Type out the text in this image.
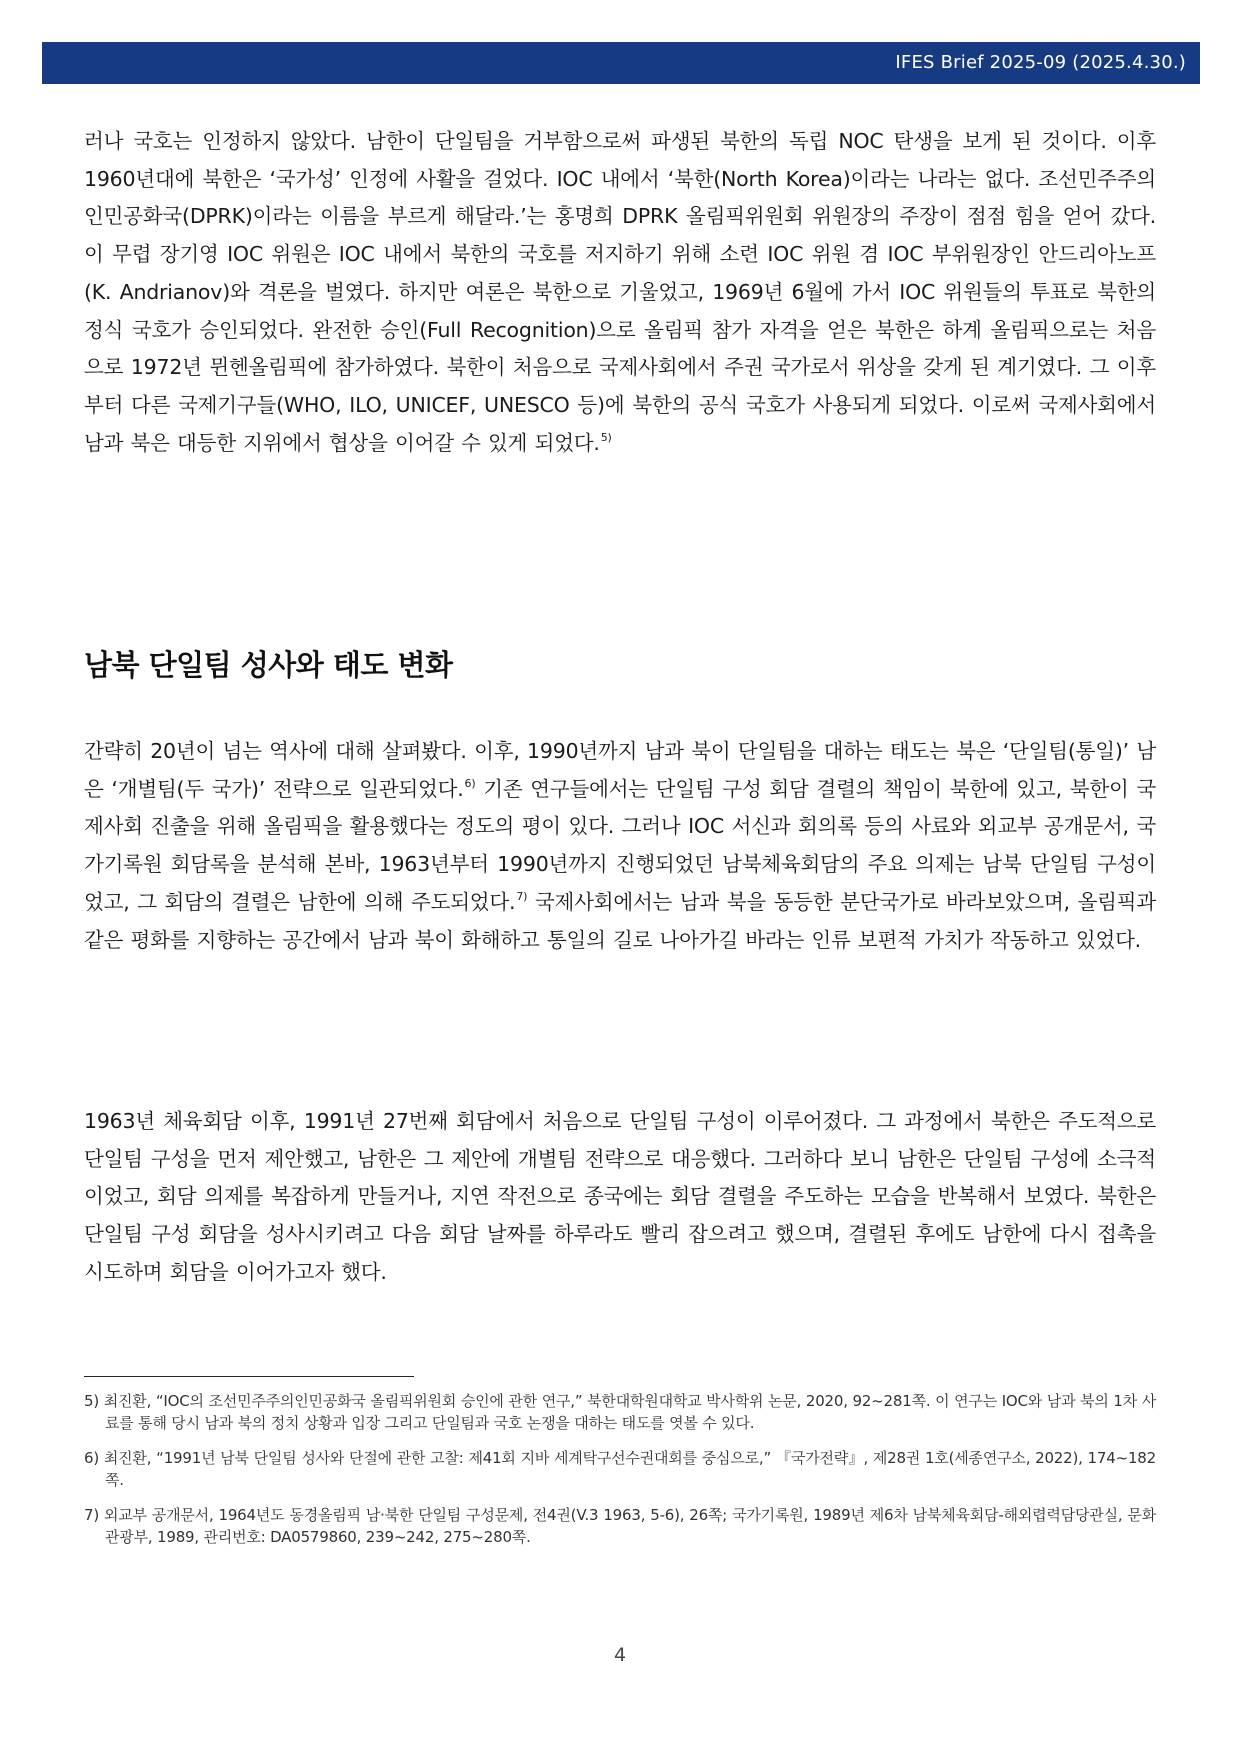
IFES Brief 2025-09 (2025.4.30.)

러나 국호는 인정하지 않았다. 남한이 단일팀을 거부함으로써 파생된 북한의 독립 NOC 탄생을 보게 된 것이다. 이후 1960년대에 북한은 ‘국가성’ 인정에 사활을 걸었다. IOC 내에서 ‘북한(North Korea)이라는 나라는 없다. 조선민주주의인민공화국(DPRK)이라는 이름을 부르게 해달라.’는 홍명희 DPRK 올림픽위원회 위원장의 주장이 점점 힘을 얻어 갔다. 이 무렵 장기영 IOC 위원은 IOC 내에서 북한의 국호를 저지하기 위해 소련 IOC 위원 겸 IOC 부위원장인 안드리아노프(K. Andrianov)와 격론을 벌였다. 하지만 여론은 북한으로 기울었고, 1969년 6월에 가서 IOC 위원들의 투표로 북한의 정식 국호가 승인되었다. 완전한 승인(Full Recognition)으로 올림픽 참가 자격을 얻은 북한은 하계 올림픽으로는 처음으로 1972년 뮌헨올림픽에 참가하였다. 북한이 처음으로 국제사회에서 주권 국가로서 위상을 갖게 된 계기였다. 그 이후부터 다른 국제기구들(WHO, ILO, UNICEF, UNESCO 등)에 북한의 공식 국호가 사용되게 되었다. 이로써 국제사회에서 남과 북은 대등한 지위에서 협상을 이어갈 수 있게 되었다.$^{5)}$

남북 단일팀 성사와 태도 변화

간략히 20년이 넘는 역사에 대해 살펴봤다. 이후, 1990년까지 남과 북이 단일팀을 대하는 태도는 북은 ‘단일팀(통일)’ 남은 ‘개별팀(두 국가)’ 전략으로 일관되었다.$^{6)}$ 기존 연구들에서는 단일팀 구성 회담 결렬의 책임이 북한에 있고, 북한이 국제사회 진출을 위해 올림픽을 활용했다는 정도의 평이 있다. 그러나 IOC 서신과 회의록 등의 사료와 외교부 공개문서, 국가기록원 회담록을 분석해 본바, 1963년부터 1990년까지 진행되었던 남북체육회담의 주요 의제는 남북 단일팀 구성이었고, 그 회담의 결렬은 남한에 의해 주도되었다.$^{7)}$ 국제사회에서는 남과 북을 동등한 분단국가로 바라보았으며, 올림픽과 같은 평화를 지향하는 공간에서 남과 북이 화해하고 통일의 길로 나아가길 바라는 인류 보편적 가치가 작동하고 있었다.

1963년 체육회담 이후, 1991년 27번째 회담에서 처음으로 단일팀 구성이 이루어졌다. 그 과정에서 북한은 주도적으로 단일팀 구성을 먼저 제안했고, 남한은 그 제안에 개별팀 전략으로 대응했다. 그러하다 보니 남한은 단일팀 구성에 소극적이었고, 회담 의제를 복잡하게 만들거나, 지연 작전으로 종국에는 회담 결렬을 주도하는 모습을 반복해서 보였다. 북한은 단일팀 구성 회담을 성사시키려고 다음 회담 날짜를 하루라도 빨리 잡으려고 했으며, 결렬된 후에도 남한에 다시 접촉을 시도하며 회담을 이어가고자 했다.

5) 최진환, “IOC의 조선민주주의인민공화국 올림픽위원회 승인에 관한 연구,” 북한대학원대학교 박사학위 논문, 2020, 92~281쪽. 이 연구는 IOC와 남과 북의 1차 사료를 통해 당시 남과 북의 정치 상황과 입장 그리고 단일팀과 국호 논쟁을 대하는 태도를 엿볼 수 있다.

6) 최진환, “1991년 남북 단일팀 성사와 단절에 관한 고찰: 제41회 지바 세계탁구선수권대회를 중심으로,” 『국가전략』, 제28권 1호(세종연구소, 2022), 174~182쪽.

7) 외교부 공개문서, 1964년도 동경올림픽 남·북한 단일팀 구성문제, 전4권(V.3 1963, 5-6), 26쪽; 국가기록원, 1989년 제6차 남북체육회담-해외렵력담당관실, 문화관광부, 1989, 관리번호: DA0579860, 239~242, 275~280쪽.

4
